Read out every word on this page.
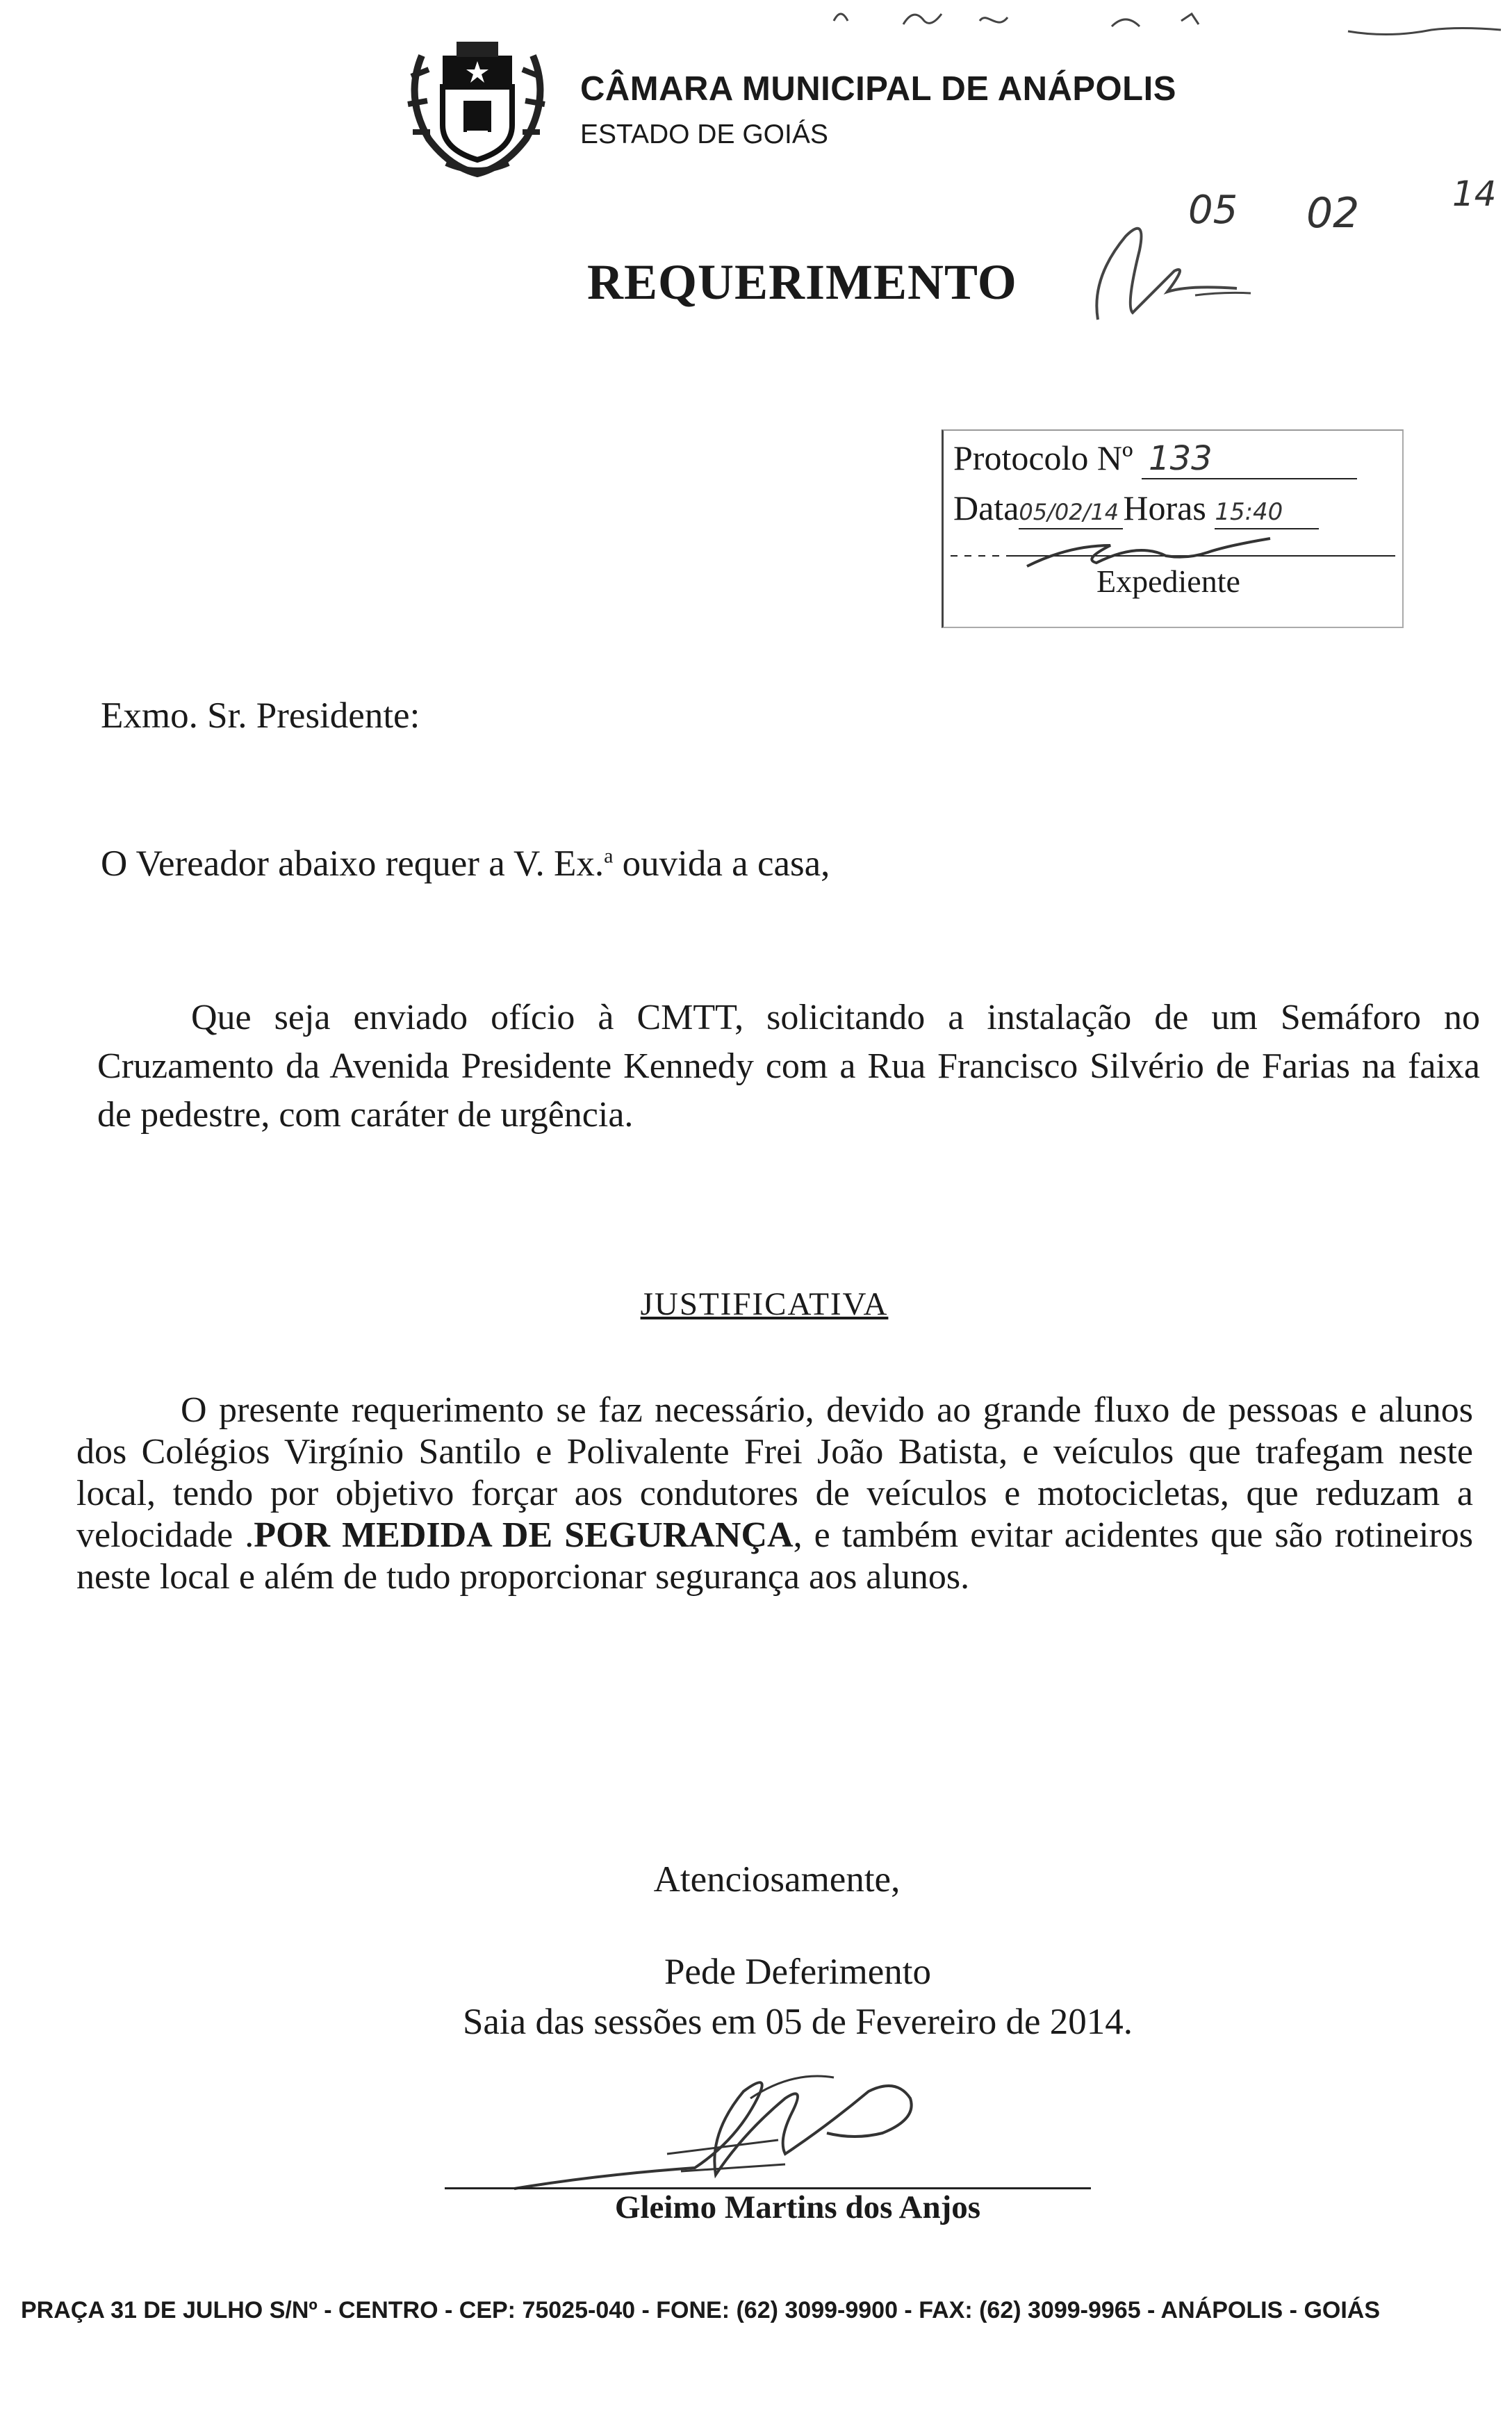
CÂMARA MUNICIPAL DE ANÁPOLIS
ESTADO DE GOIÁS
REQUERIMENTO
05 02	14
Protocolo Nº 133
Data05/02/14 Horas 15:40
Expediente
Exmo. Sr. Presidente:
O Vereador abaixo requer a V. Ex.$^a$ ouvida a casa,
Que seja enviado ofício à CMTT, solicitando a instalação de um Semáforo no Cruzamento da Avenida Presidente Kennedy com a Rua Francisco Silvério de Farias na faixa de pedestre, com caráter de urgência.
JUSTIFICATIVA
O presente requerimento se faz necessário, devido ao grande fluxo de pessoas e alunos dos Colégios Virgínio Santilo e Polivalente Frei João Batista, e veículos que trafegam neste local, tendo por objetivo forçar aos condutores de veículos e motocicletas, que reduzam a velocidade .POR MEDIDA DE SEGURANÇA, e também evitar acidentes que são rotineiros neste local e além de tudo proporcionar segurança aos alunos.
Atenciosamente,
Pede Deferimento
Saia das sessões em 05 de Fevereiro de 2014.
Gleimo Martins dos Anjos
PRAÇA 31 DE JULHO S/Nº - CENTRO - CEP: 75025-040 - FONE: (62) 3099-9900 - FAX: (62) 3099-9965 - ANÁPOLIS - GOIÁS
